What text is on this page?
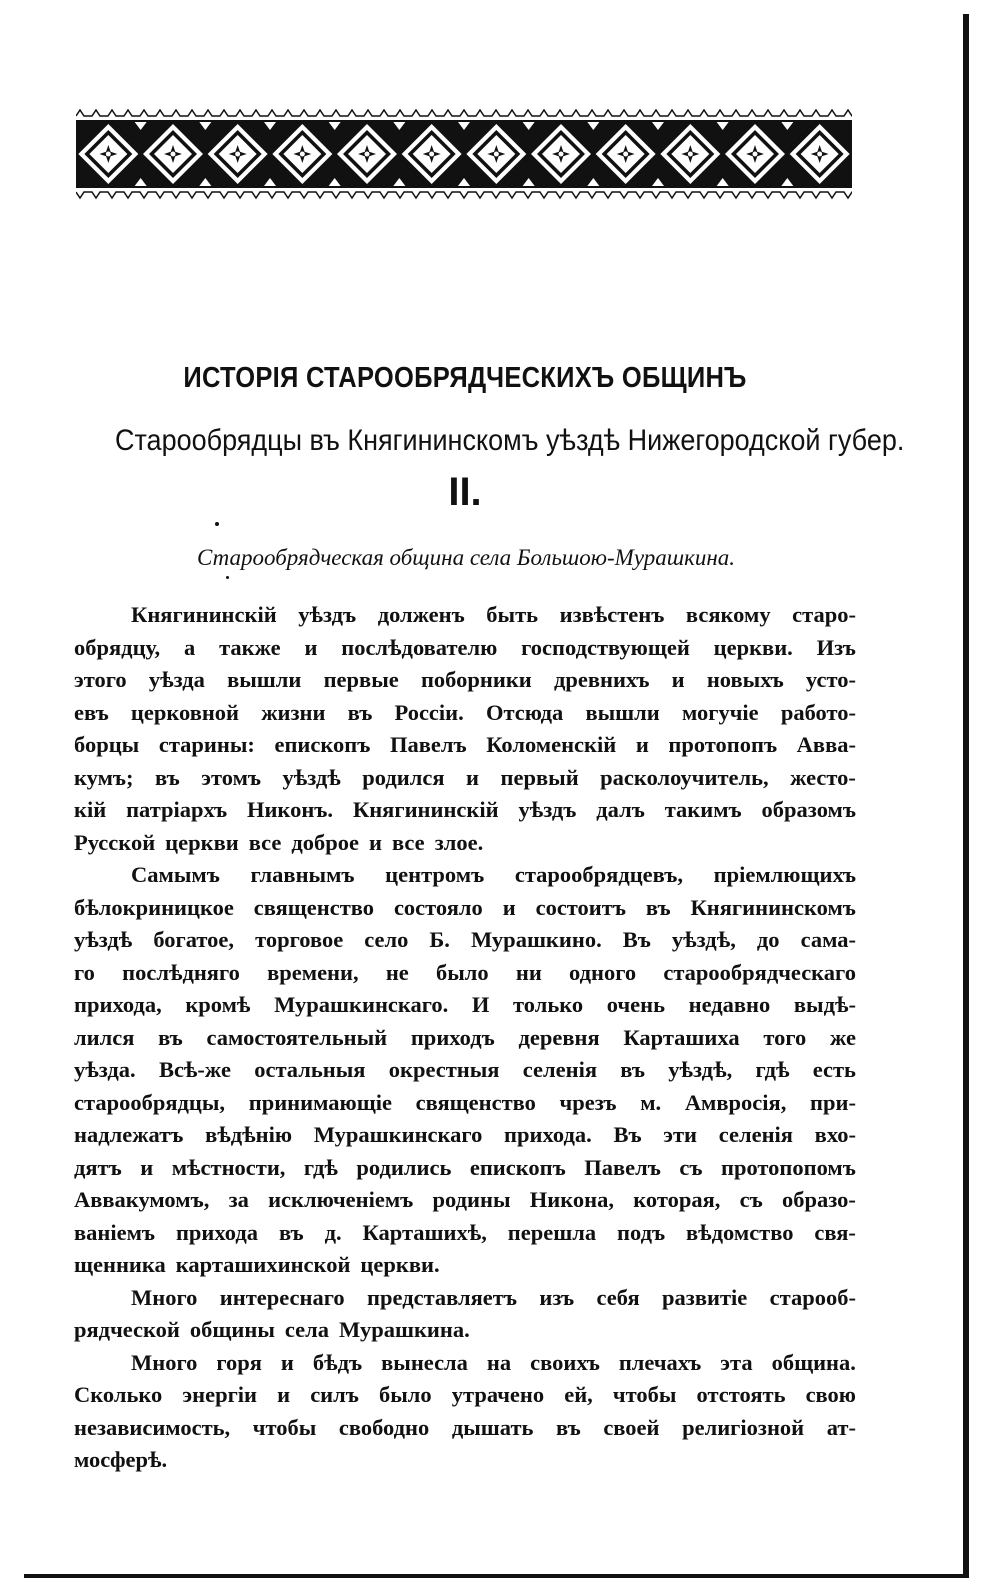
ИСТОРІЯ СТАРООБРЯДЧЕСКИХЪ ОБЩИНЪ
Старообрядцы въ Княгининскомъ уѣздѣ Нижегородской губер.
II.
Старообрядческая община села Большою-Мурашкина.
Княгининскій уѣздъ долженъ быть извѣстенъ всякому старо-
обрядцу, а также и послѣдователю господствующей церкви. Изъ
этого уѣзда вышли первые поборники древнихъ и новыхъ усто-
евъ церковной жизни въ Россіи. Отсюда вышли могучіе работо-
борцы старины: епископъ Павелъ Коломенскій и протопопъ Авва-
кумъ; въ этомъ уѣздѣ родился и первый расколоучитель, жесто-
кій патріархъ Никонъ. Княгининскій уѣздъ далъ такимъ образомъ
Русской церкви все доброе и все злое.
Самымъ главнымъ центромъ старообрядцевъ, пріемлющихъ
бѣлокриницкое священство состояло и состоитъ въ Княгининскомъ
уѣздѣ богатое, торговое село Б. Мурашкино. Въ уѣздѣ, до сама-
го послѣдняго времени, не было ни одного старообрядческаго
прихода, кромѣ Мурашкинскаго. И только очень недавно выдѣ-
лился въ самостоятельный приходъ деревня Карташиха того же
уѣзда. Всѣ-же остальныя окрестныя селенія въ уѣздѣ, гдѣ есть
старообрядцы, принимающіе священство чрезъ м. Амвросія, при-
надлежатъ вѣдѣнію Мурашкинскаго прихода. Въ эти селенія вхо-
дятъ и мѣстности, гдѣ родились епископъ Павелъ съ протопопомъ
Аввакумомъ, за исключеніемъ родины Никона, которая, съ образо-
ваніемъ прихода въ д. Карташихѣ, перешла подъ вѣдомство свя-
щенника карташихинской церкви.
Много интереснаго представляетъ изъ себя развитіе старооб-
рядческой общины села Мурашкина.
Много горя и бѣдъ вынесла на своихъ плечахъ эта община.
Сколько энергіи и силъ было утрачено ей, чтобы отстоять свою
независимость, чтобы свободно дышать въ своей религіозной ат-
мосферѣ.
